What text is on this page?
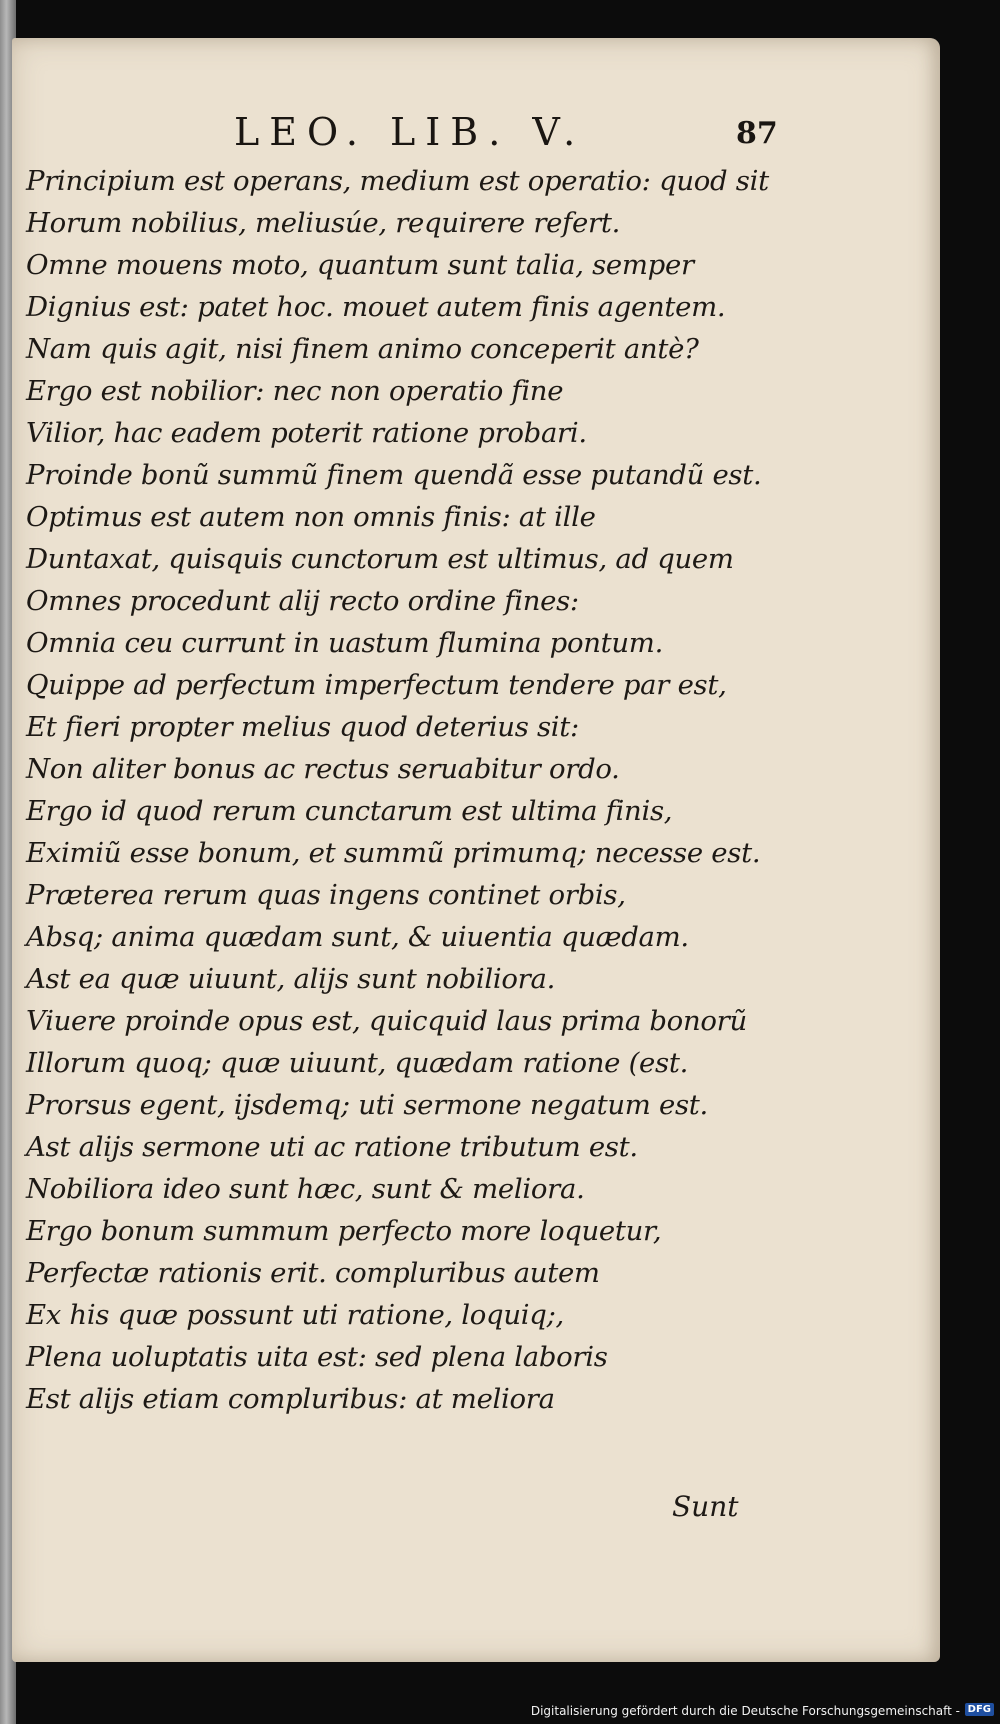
LEO. LIB. V.	87
Principium est operans, medium est operatio: quod sit
Horum nobilius, meliusúe, requirere refert.
Omne mouens moto, quantum sunt talia, semper
Dignius est: patet hoc. mouet autem finis agentem.
Nam quis agit, nisi finem animo conceperit antè?
Ergo est nobilior: nec non operatio fine
Vilior, hac eadem poterit ratione probari.
Proinde bonũ summũ finem quendã esse putandũ est.
Optimus est autem non omnis finis: at ille
Duntaxat, quisquis cunctorum est ultimus, ad quem
Omnes procedunt alij recto ordine fines:
Omnia ceu currunt in uastum flumina pontum.
Quippe ad perfectum imperfectum tendere par est,
Et fieri propter melius quod deterius sit:
Non aliter bonus ac rectus seruabitur ordo.
Ergo id quod rerum cunctarum est ultima finis,
Eximiũ esse bonum, et summũ primumq; necesse est.
Præterea rerum quas ingens continet orbis,
Absq; anima quædam sunt, & uiuentia quædam.
Ast ea quæ uiuunt, alijs sunt nobiliora.
Viuere proinde opus est, quicquid laus prima bonorũ
Illorum quoq; quæ uiuunt, quædam ratione (est.
Prorsus egent, ijsdemq; uti sermone negatum est.
Ast alijs sermone uti ac ratione tributum est.
Nobiliora ideo sunt hæc, sunt & meliora.
Ergo bonum summum perfecto more loquetur,
Perfectæ rationis erit. compluribus autem
Ex his quæ possunt uti ratione, loquiq;,
Plena uoluptatis uita est: sed plena laboris
Est alijs etiam compluribus: at meliora
Sunt
Digitalisierung gefördert durch die Deutsche Forschungsgemeinschaft - DFG
